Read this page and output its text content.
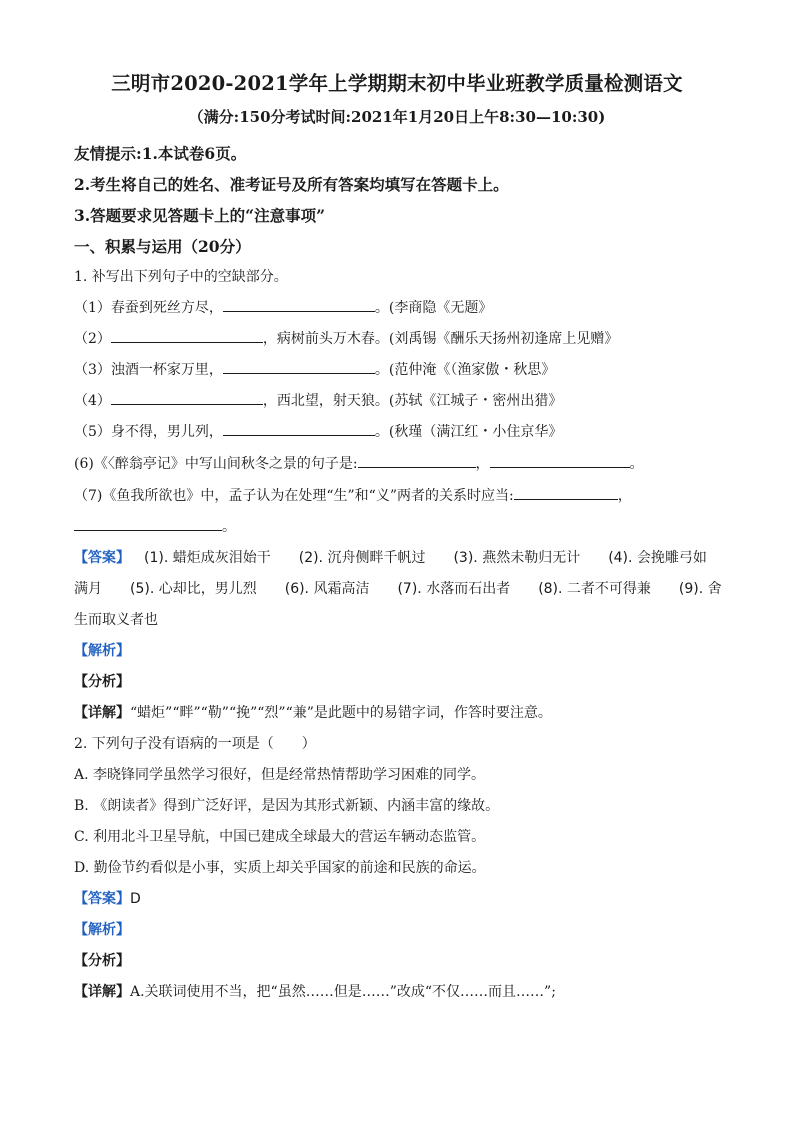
三明市2020-2021学年上学期期末初中毕业班教学质量检测语文
（满分:150分考试时间:2021年1月20日上午8:30—10:30)
友情提示:1.本试卷6页。
2.考生将自己的姓名、准考证号及所有答案均填写在答题卡上。
3.答题要求见答题卡上的“注意事项”
一、积累与运用（20分）
1. 补写出下列句子中的空缺部分。
（1）春蚕到死丝方尽，	。(李商隐《无题》
（2）	，病树前头万木春。(刘禹锡《酬乐天扬州初逢席上见赠》
（3）浊酒一杯家万里，	。(范仲淹《（渔家傲・秋思》
（4）	，西北望，射天狼。(苏轼《江城子・密州出猎》
（5）身不得，男儿列，	。(秋瑾（满江红・小住京华》
(6)《〈醉翁亭记》中写山间秋冬之景的句子是:	，	。
（7)《鱼我所欲也》中，孟子认为在处理“生”和“义”两者的关系时应当:	，
。
【答案】 (1). 蜡炬成灰泪始干　　(2). 沉舟侧畔千帆过　　(3). 燕然未勒归无计　　(4). 会挽雕弓如
满月　　(5). 心却比，男儿烈　　(6). 风霜高洁　　(7). 水落而石出者　　(8). 二者不可得兼　　(9). 舍
生而取义者也
【解析】
【分析】
【详解】“蜡炬”“畔”“勒”“挽”“烈”“兼”是此题中的易错字词，作答时要注意。
2. 下列句子没有语病的一项是（　　）
A. 李晓锋同学虽然学习很好，但是经常热情帮助学习困难的同学。
B. 《朗读者》得到广泛好评，是因为其形式新颖、内涵丰富的缘故。
C. 利用北斗卫星导航，中国已建成全球最大的营运车辆动态监管。
D. 勤俭节约看似是小事，实质上却关乎国家的前途和民族的命运。
【答案】D
【解析】
【分析】
【详解】A.关联词使用不当，把“虽然……但是……”改成“不仅……而且……”;
